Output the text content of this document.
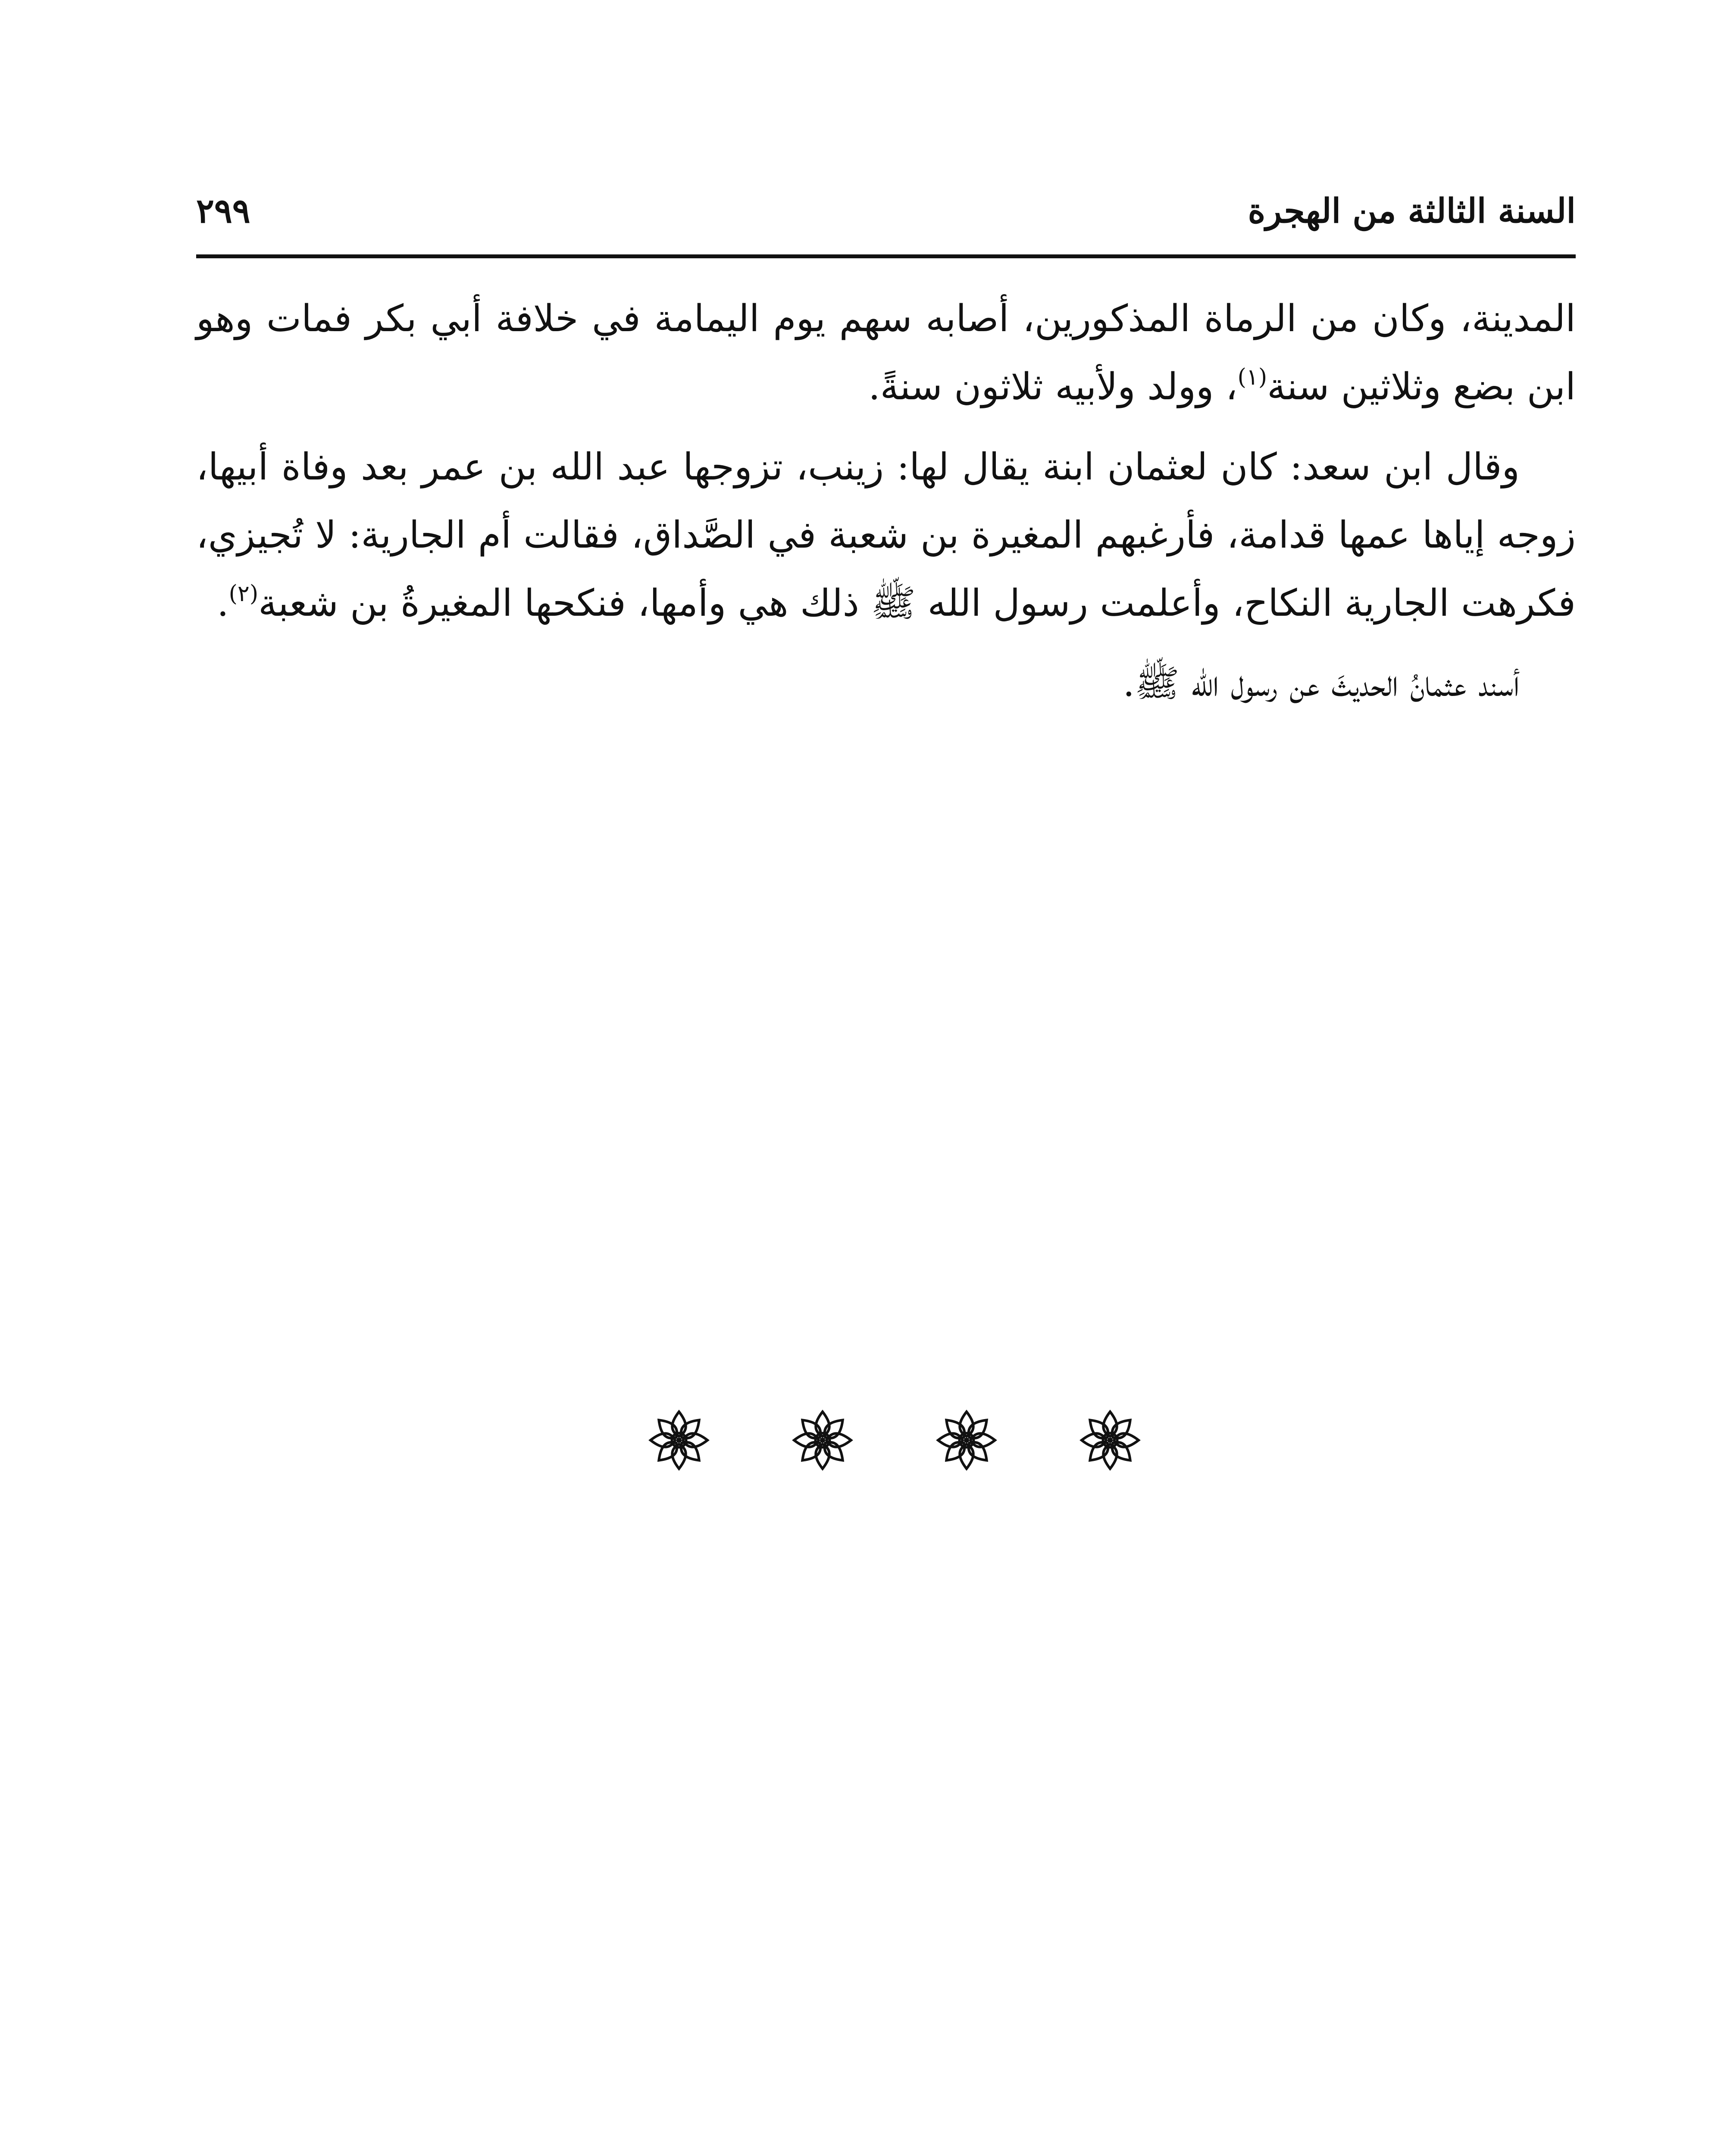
السنة الثالثة من الهجرة
٢٩٩

المدينة، وكان من الرماة المذكورين، أصابه سهم يوم اليمامة في خلافة أبي بكر فمات وهو ابن بضع وثلاثين سنة$^{(١)}$، وولد ولأبيه ثلاثون سنةً.

وقال ابن سعد: كان لعثمان ابنة يقال لها: زينب، تزوجها عبد الله بن عمر بعد وفاة أبيها، زوجه إياها عمها قدامة، فأرغبهم المغيرة بن شعبة في الصَّداق، فقالت أم الجارية: لا تُجيزي، فكرهت الجارية النكاح، وأعلمت رسول الله ﷺ ذلك هي وأمها، فنكحها المغيرةُ بن شعبة$^{(٢)}$.

أسند عثمانُ الحديثَ عن رسول الله ﷺ.
